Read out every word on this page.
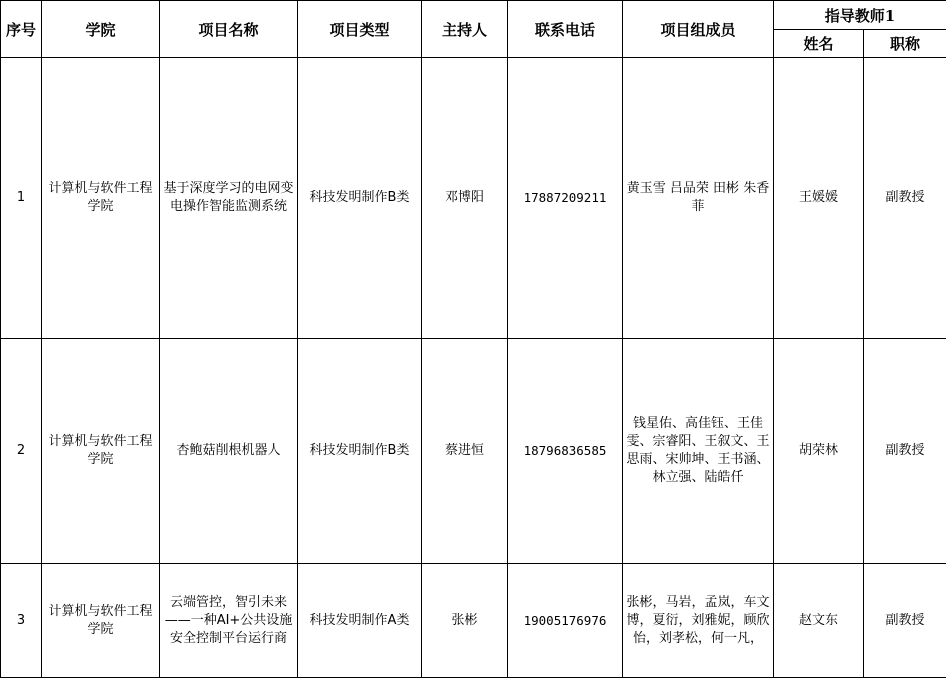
序号	学院	项目名称	项目类型	主持人	联系电话	项目组成员	指导教师1	
							姓名	职称
1	计算机与软件工程学院	基于深度学习的电网变电操作智能监测系统	科技发明制作B类	邓博阳	17887209211	黄玉雪 吕品荣 田彬 朱香菲	王媛媛	副教授
2	计算机与软件工程学院	杏鲍菇削根机器人	科技发明制作B类	蔡进恒	18796836585	钱星佑、高佳钰、王佳雯、宗睿阳、王叙文、王思雨、宋帅坤、王书涵、林立强、陆皓仟	胡荣林	副教授
3	计算机与软件工程学院	云端管控，智引未来——一种AI+公共设施安全控制平台运行商	科技发明制作A类	张彬	19005176976	张彬，马岩，孟岚，车文博，夏衍，刘雅妮，顾欣怡，刘孝松，何一凡，	赵文东	副教授
